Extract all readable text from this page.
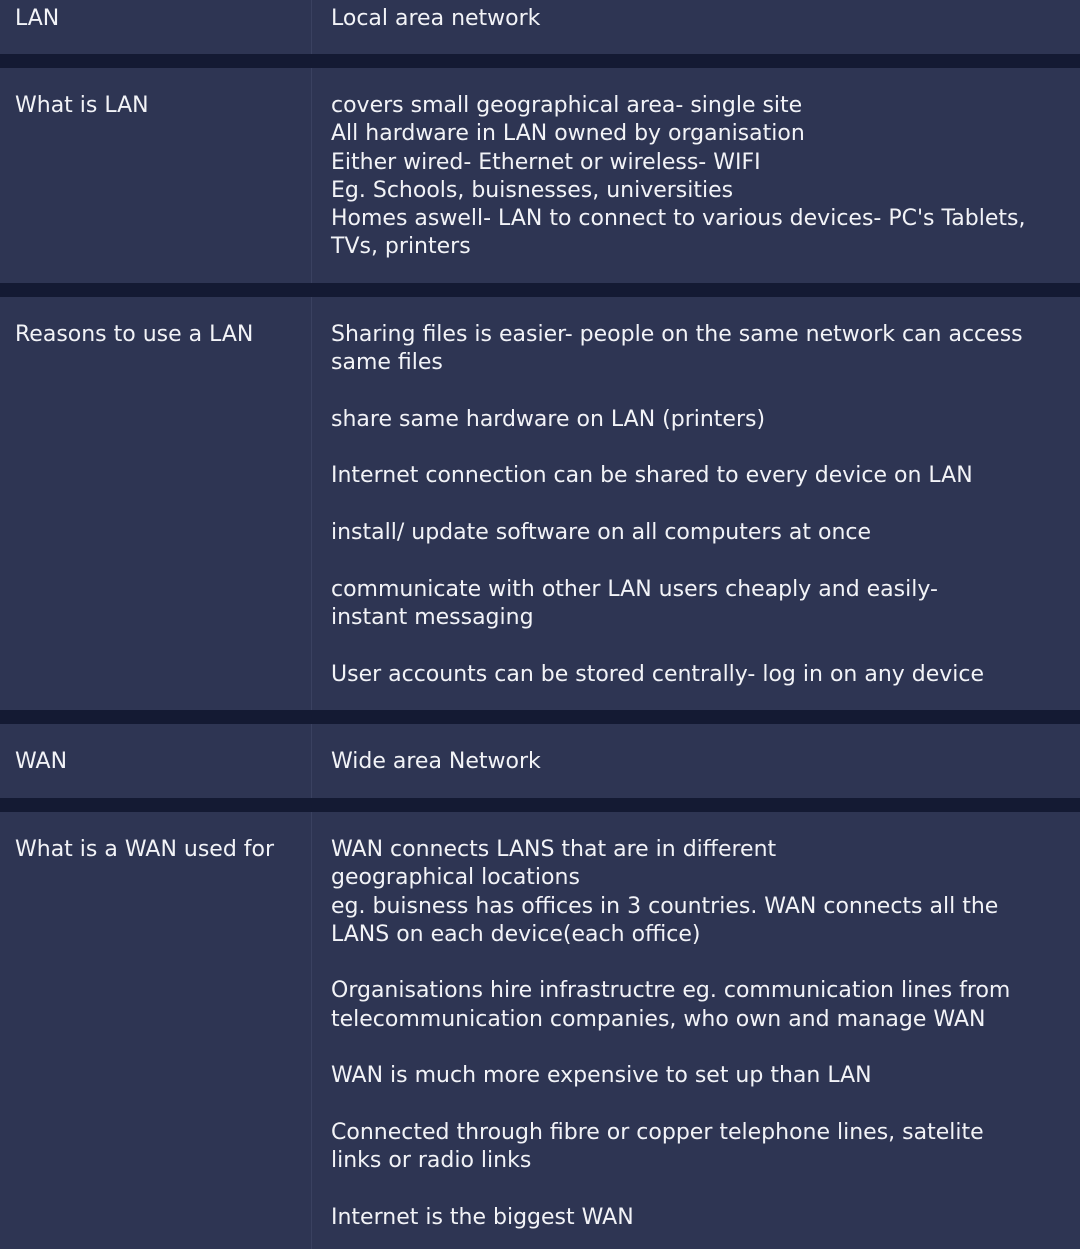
LAN	Local area network

What is LAN	covers small geographical area- single site

All hardware in LAN owned by organisation

Either wired- Ethernet or wireless- WIFI

Eg. Schools, buisnesses, universities

Homes aswell- LAN to connect to various devices- PC's Tablets,

TVs, printers

Reasons to use a LAN	Sharing files is easier- people on the same network can access

same files

share same hardware on LAN (printers)

Internet connection can be shared to every device on LAN

install/ update software on all computers at once

communicate with other LAN users cheaply and easily-

instant messaging

User accounts can be stored centrally- log in on any device

WAN	Wide area Network

What is a WAN used for	WAN connects LANS that are in different

geographical locations

eg. buisness has offices in 3 countries. WAN connects all the

LANS on each device(each office)

Organisations hire infrastructre eg. communication lines from

telecommunication companies, who own and manage WAN

WAN is much more expensive to set up than LAN

Connected through fibre or copper telephone lines, satelite

links or radio links

Internet is the biggest WAN
